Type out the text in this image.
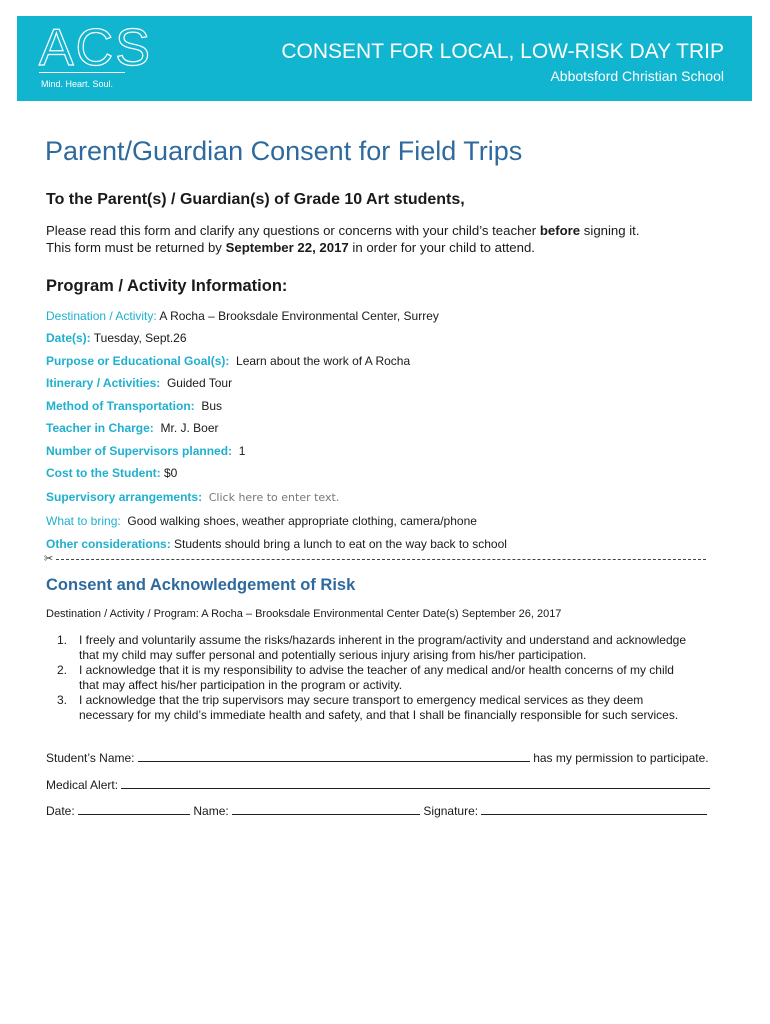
ACS
Mind. Heart. Soul.
CONSENT FOR LOCAL, LOW-RISK DAY TRIP
Abbotsford Christian School
Parent/Guardian Consent for Field Trips
To the Parent(s) / Guardian(s) of Grade 10 Art students,
Please read this form and clarify any questions or concerns with your child’s teacher before signing it.
This form must be returned by September 22, 2017 in order for your child to attend.
Program / Activity Information:
Destination / Activity: A Rocha – Brooksdale Environmental Center, Surrey
Date(s): Tuesday, Sept.26
Purpose or Educational Goal(s): Learn about the work of A Rocha
Itinerary / Activities: Guided Tour
Method of Transportation: Bus
Teacher in Charge: Mr. J. Boer
Number of Supervisors planned: 1
Cost to the Student: $0
Supervisory arrangements: Click here to enter text.
What to bring: Good walking shoes, weather appropriate clothing, camera/phone
Other considerations: Students should bring a lunch to eat on the way back to school
✂
Consent and Acknowledgement of Risk
Destination / Activity / Program: A Rocha – Brooksdale Environmental Center Date(s) September 26, 2017
1. I freely and voluntarily assume the risks/hazards inherent in the program/activity and understand and acknowledge
that my child may suffer personal and potentially serious injury arising from his/her participation.
2. I acknowledge that it is my responsibility to advise the teacher of any medical and/or health concerns of my child
that may affect his/her participation in the program or activity.
3. I acknowledge that the trip supervisors may secure transport to emergency medical services as they deem
necessary for my child’s immediate health and safety, and that I shall be financially responsible for such services.
Student’s Name:	has my permission to participate.
Medical Alert:
Date:	Name:	Signature:
